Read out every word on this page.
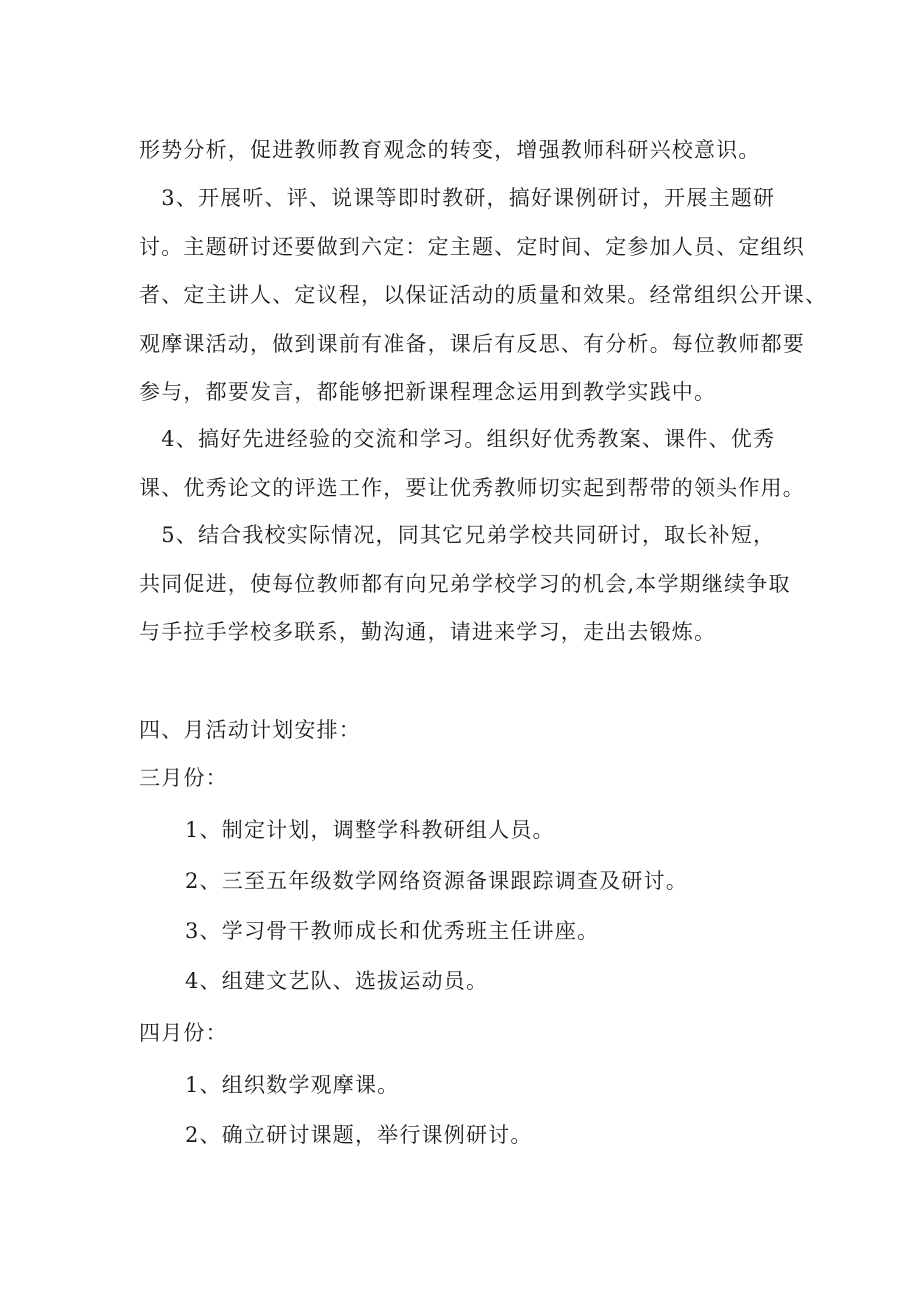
形势分析，促进教师教育观念的转变，增强教师科研兴校意识。
　3、开展听、评、说课等即时教研，搞好课例研讨，开展主题研
讨。主题研讨还要做到六定：定主题、定时间、定参加人员、定组织
者、定主讲人、定议程，以保证活动的质量和效果。经常组织公开课、
观摩课活动，做到课前有准备，课后有反思、有分析。每位教师都要
参与，都要发言，都能够把新课程理念运用到教学实践中。
　4、搞好先进经验的交流和学习。组织好优秀教案、课件、优秀
课、优秀论文的评选工作，要让优秀教师切实起到帮带的领头作用。
　5、结合我校实际情况，同其它兄弟学校共同研讨，取长补短，
共同促进，使每位教师都有向兄弟学校学习的机会,本学期继续争取
与手拉手学校多联系，勤沟通，请进来学习，走出去锻炼。
四、月活动计划安排：
三月份：
1、制定计划，调整学科教研组人员。
2、三至五年级数学网络资源备课跟踪调查及研讨。
3、学习骨干教师成长和优秀班主任讲座。
4、组建文艺队、选拔运动员。
四月份：
1、组织数学观摩课。
2、确立研讨课题，举行课例研讨。
